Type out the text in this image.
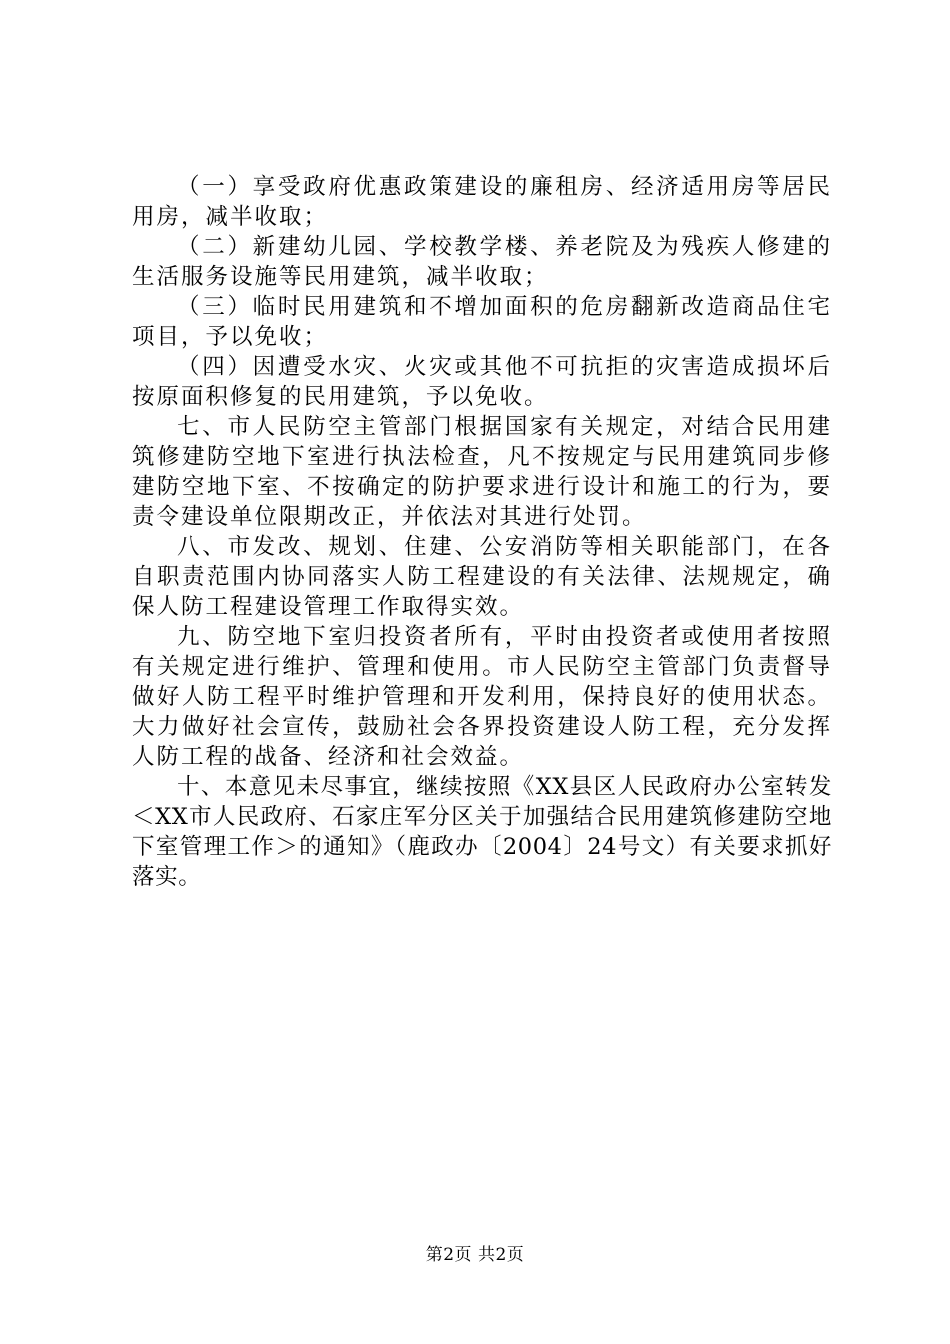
（一）享受政府优惠政策建设的廉租房、经济适用房等居民用房，减半收取；

（二）新建幼儿园、学校教学楼、养老院及为残疾人修建的生活服务设施等民用建筑，减半收取；

（三）临时民用建筑和不增加面积的危房翻新改造商品住宅项目，予以免收；

（四）因遭受水灾、火灾或其他不可抗拒的灾害造成损坏后按原面积修复的民用建筑，予以免收。

七、市人民防空主管部门根据国家有关规定，对结合民用建筑修建防空地下室进行执法检查，凡不按规定与民用建筑同步修建防空地下室、不按确定的防护要求进行设计和施工的行为，要责令建设单位限期改正，并依法对其进行处罚。

八、市发改、规划、住建、公安消防等相关职能部门，在各自职责范围内协同落实人防工程建设的有关法律、法规规定，确保人防工程建设管理工作取得实效。

九、防空地下室归投资者所有，平时由投资者或使用者按照有关规定进行维护、管理和使用。市人民防空主管部门负责督导做好人防工程平时维护管理和开发利用，保持良好的使用状态。大力做好社会宣传，鼓励社会各界投资建设人防工程，充分发挥人防工程的战备、经济和社会效益。

十、本意见未尽事宜，继续按照《XX县区人民政府办公室转发＜XX市人民政府、石家庄军分区关于加强结合民用建筑修建防空地下室管理工作＞的通知》（鹿政办〔2004〕24号文）有关要求抓好落实。

第2页 共2页
